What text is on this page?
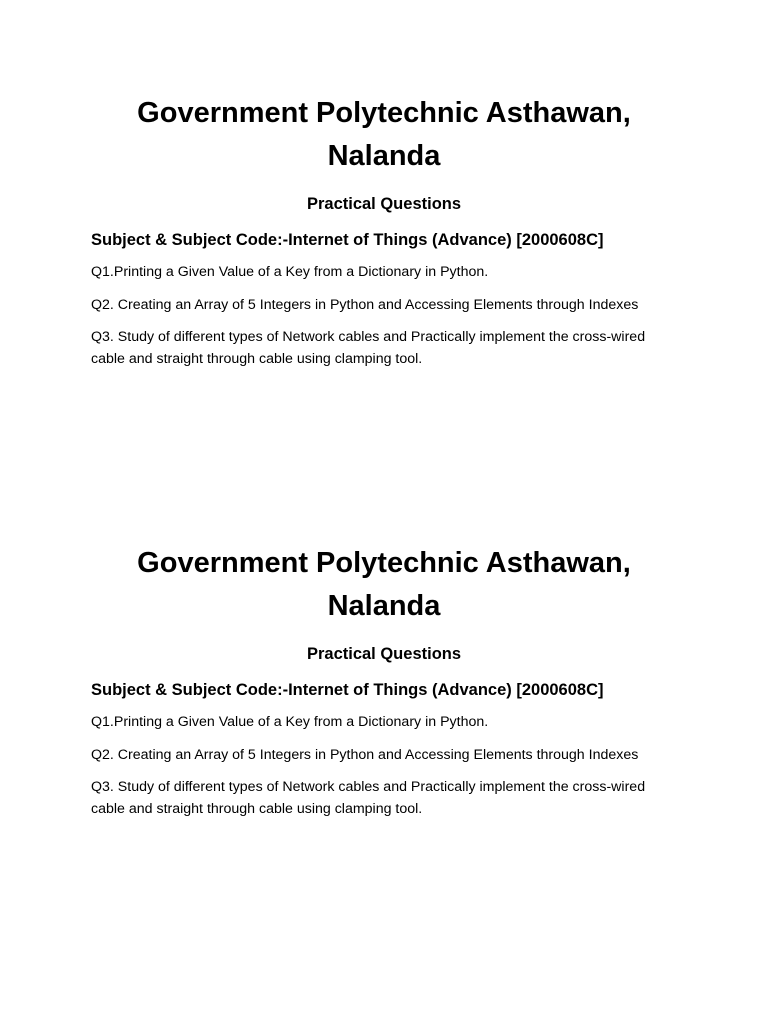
Government Polytechnic Asthawan, Nalanda
Practical Questions
Subject & Subject Code:-Internet of Things (Advance) [2000608C]
Q1.Printing a Given Value of a Key from a Dictionary in Python.
Q2. Creating an Array of 5 Integers in Python and Accessing Elements through Indexes
Q3. Study of different types of Network cables and Practically implement the cross-wired cable and straight through cable using clamping tool.
Government Polytechnic Asthawan, Nalanda
Practical Questions
Subject & Subject Code:-Internet of Things (Advance) [2000608C]
Q1.Printing a Given Value of a Key from a Dictionary in Python.
Q2. Creating an Array of 5 Integers in Python and Accessing Elements through Indexes
Q3. Study of different types of Network cables and Practically implement the cross-wired cable and straight through cable using clamping tool.
